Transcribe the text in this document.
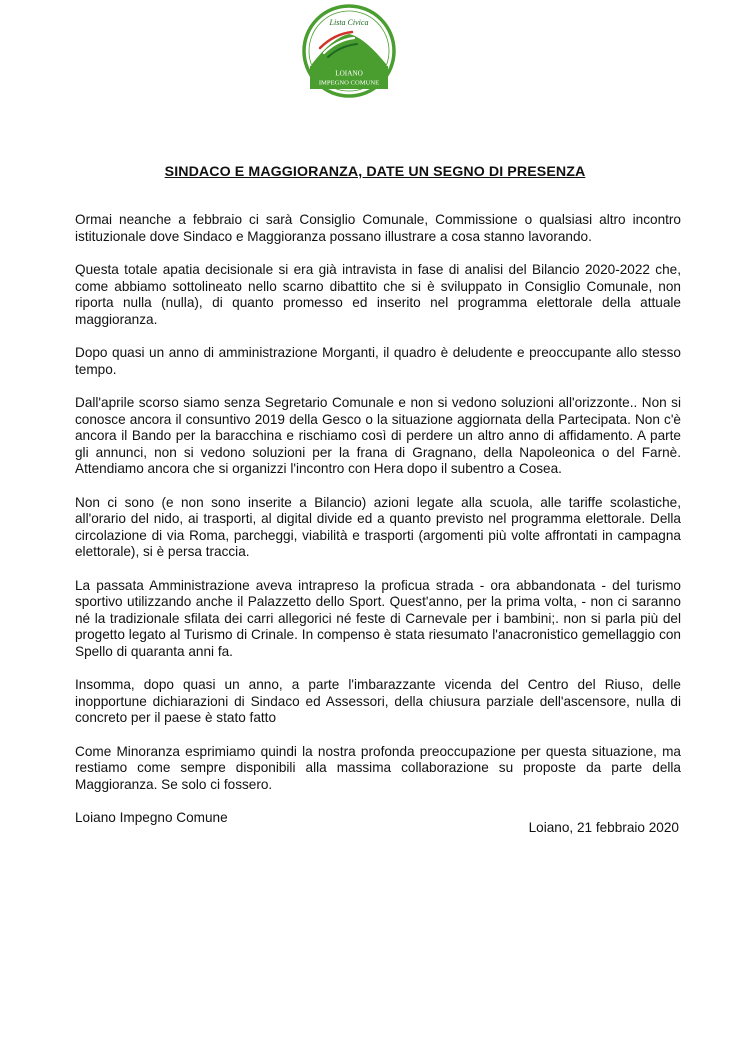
Lista Civica
LOIANO
IMPEGNO COMUNE
SINDACO E MAGGIORANZA, DATE UN SEGNO DI PRESENZA

Ormai neanche a febbraio ci sarà Consiglio Comunale, Commissione o qualsiasi altro incontro istituzionale dove Sindaco e Maggioranza possano illustrare a cosa stanno lavorando.

Questa totale apatia decisionale si era già intravista in fase di analisi del Bilancio 2020-2022 che, come abbiamo sottolineato nello scarno dibattito che si è sviluppato in Consiglio Comunale, non riporta nulla (nulla), di quanto promesso ed inserito nel programma elettorale della attuale maggioranza.

Dopo quasi un anno di amministrazione Morganti, il quadro è deludente e preoccupante allo stesso tempo.

Dall'aprile scorso siamo senza Segretario Comunale e non si vedono soluzioni all'orizzonte.. Non si conosce ancora il consuntivo 2019 della Gesco o la situazione aggiornata della Partecipata. Non c'è ancora il Bando per la baracchina e rischiamo così di perdere un altro anno di affidamento. A parte gli annunci, non si vedono soluzioni per la frana di Gragnano, della Napoleonica o del Farnè. Attendiamo ancora che si organizzi l'incontro con Hera dopo il subentro a Cosea.

Non ci sono (e non sono inserite a Bilancio) azioni legate alla scuola, alle tariffe scolastiche, all'orario del nido, ai trasporti, al digital divide ed a quanto previsto nel programma elettorale. Della circolazione di via Roma, parcheggi, viabilità e trasporti (argomenti più volte affrontati in campagna elettorale), si è persa traccia.

La passata Amministrazione aveva intrapreso la proficua strada - ora abbandonata - del turismo sportivo utilizzando anche il Palazzetto dello Sport. Quest'anno, per la prima volta, - non ci saranno né la tradizionale sfilata dei carri allegorici né feste di Carnevale per i bambini;. non si parla più del progetto legato al Turismo di Crinale. In compenso è stata riesumato l'anacronistico gemellaggio con Spello di quaranta anni fa.

Insomma, dopo quasi un anno, a parte l'imbarazzante vicenda del Centro del Riuso, delle inopportune dichiarazioni di Sindaco ed Assessori, della chiusura parziale dell'ascensore, nulla di concreto per il paese è stato fatto

Come Minoranza esprimiamo quindi la nostra profonda preoccupazione per questa situazione, ma restiamo come sempre disponibili alla massima collaborazione su proposte da parte della Maggioranza. Se solo ci fossero.

Loiano Impegno Comune

Loiano, 21 febbraio 2020
